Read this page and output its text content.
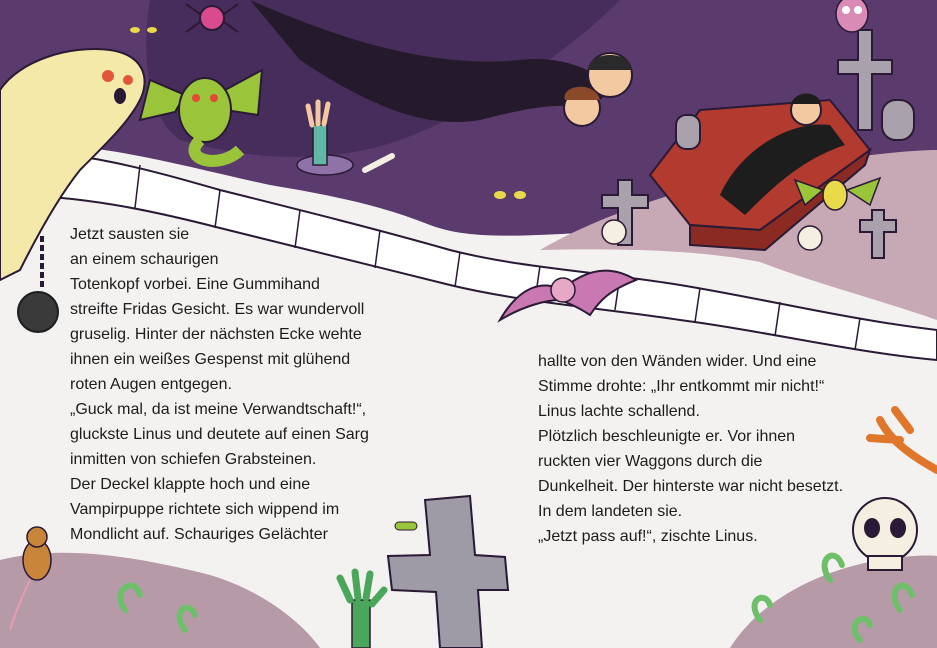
Jetzt sausten sie
an einem schaurigen
Totenkopf vorbei. Eine Gummihand
streifte Fridas Gesicht. Es war wundervoll
gruselig. Hinter der nächsten Ecke wehte
ihnen ein weißes Gespenst mit glühend
roten Augen entgegen.
„Guck mal, da ist meine Verwandtschaft!“,
gluckste Linus und deutete auf einen Sarg
inmitten von schiefen Grabsteinen.
Der Deckel klappte hoch und eine
Vampirpuppe richtete sich wippend im
Mondlicht auf. Schauriges Gelächter
hallte von den Wänden wider. Und eine
Stimme drohte: „Ihr entkommt mir nicht!“
Linus lachte schallend.
Plötzlich beschleunigte er. Vor ihnen
ruckten vier Waggons durch die
Dunkelheit. Der hinterste war nicht besetzt.
In dem landeten sie.
„Jetzt pass auf!“, zischte Linus.
